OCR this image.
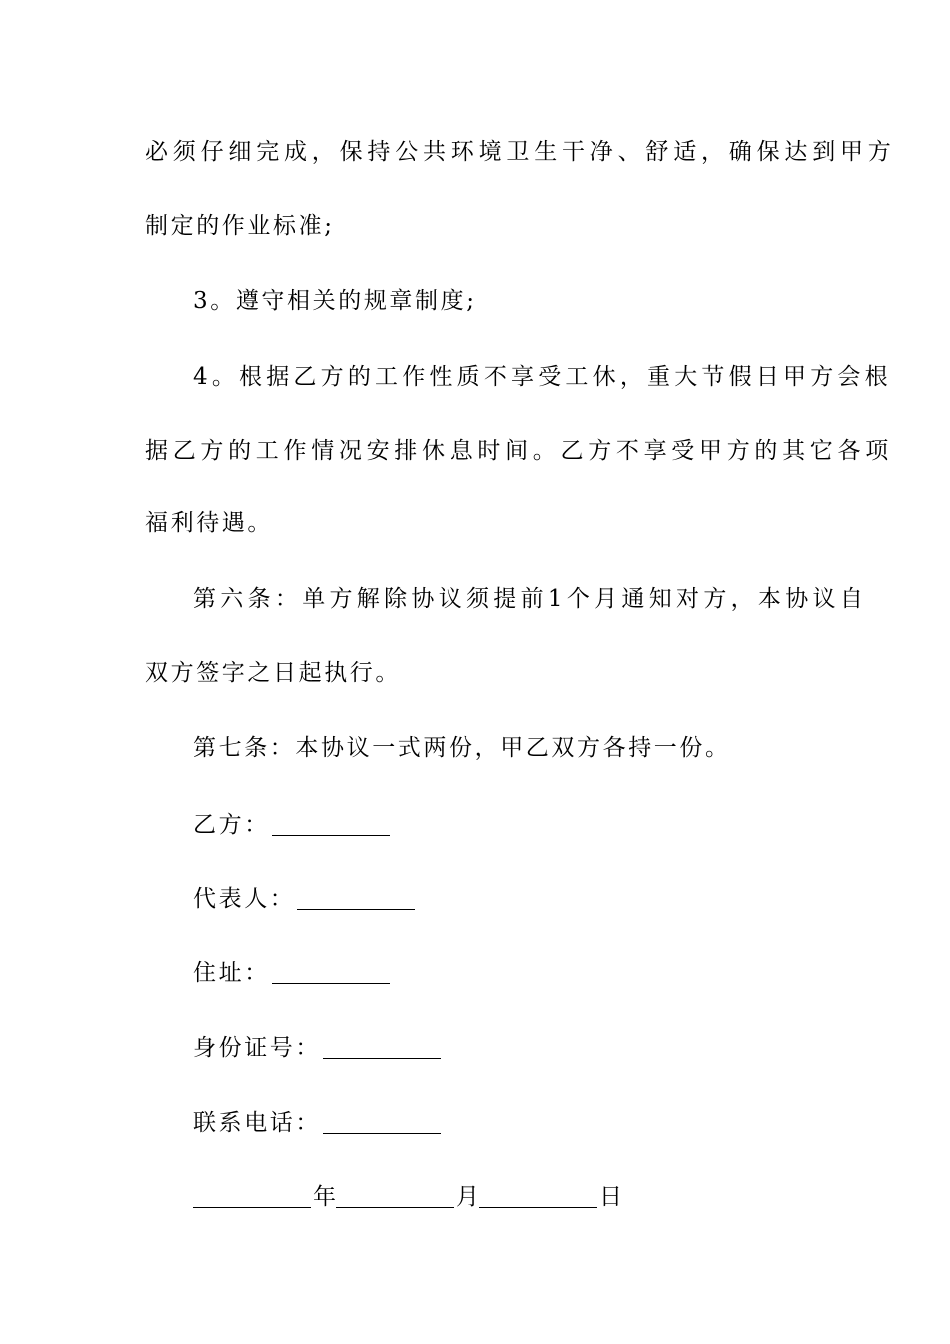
必须仔细完成，保持公共环境卫生干净、舒适，确保达到甲方
制定的作业标准;
3。遵守相关的规章制度;
4。根据乙方的工作性质不享受工休，重大节假日甲方会根
据乙方的工作情况安排休息时间。乙方不享受甲方的其它各项
福利待遇。
第六条：单方解除协议须提前1个月通知对方，本协议自
双方签字之日起执行。
第七条：本协议一式两份，甲乙双方各持一份。
乙方：
代表人：
住址：
身份证号：
联系电话：
年	月	日
